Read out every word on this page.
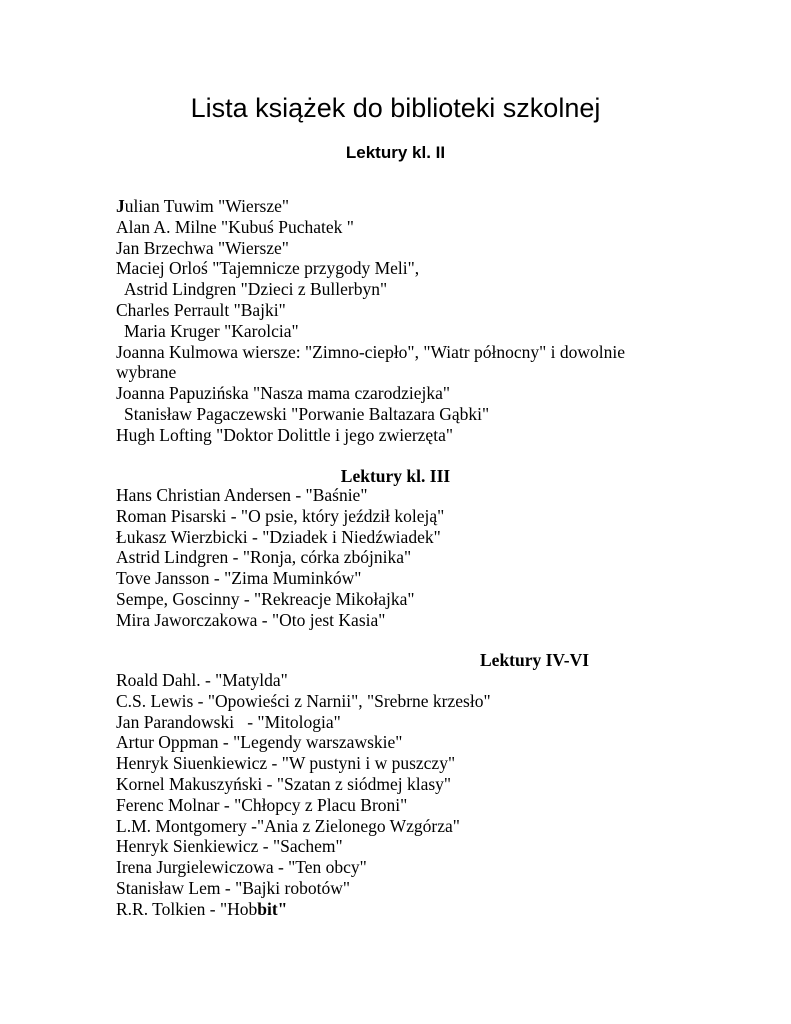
Lista książek do biblioteki szkolnej
Lektury kl. II
Julian Tuwim "Wiersze"
Alan A. Milne "Kubuś Puchatek "
Jan Brzechwa "Wiersze"
Maciej Orloś "Tajemnicze przygody Meli",
Astrid Lindgren "Dzieci z Bullerbyn"
Charles Perrault "Bajki"
Maria Kruger "Karolcia"
Joanna Kulmowa wiersze: "Zimno-ciepło", "Wiatr północny" i dowolnie wybrane
Joanna Papuzińska "Nasza mama czarodziejka"
Stanisław Pagaczewski "Porwanie Baltazara Gąbki"
Hugh Lofting "Doktor Dolittle i jego zwierzęta"
Lektury kl. III
Hans Christian Andersen - "Baśnie"
Roman Pisarski - "O psie, który jeździł koleją"
Łukasz Wierzbicki - "Dziadek i Niedźwiadek"
Astrid Lindgren - "Ronja, córka zbójnika"
Tove Jansson - "Zima Muminków"
Sempe, Goscinny - "Rekreacje Mikołajka"
Mira Jaworczakowa - "Oto jest Kasia"
Lektury IV-VI
Roald Dahl. - "Matylda"
C.S. Lewis - "Opowieści z Narnii", "Srebrne krzesło"
Jan Parandowski   - "Mitologia"
Artur Oppman - "Legendy warszawskie"
Henryk Siuenkiewicz - "W pustyni i w puszczy"
Kornel Makuszyński - "Szatan z siódmej klasy"
Ferenc Molnar - "Chłopcy z Placu Broni"
L.M. Montgomery -"Ania z Zielonego Wzgórza"
Henryk Sienkiewicz - "Sachem"
Irena Jurgielewiczowa - "Ten obcy"
Stanisław Lem - "Bajki robotów"
R.R. Tolkien - "Hobbit"
